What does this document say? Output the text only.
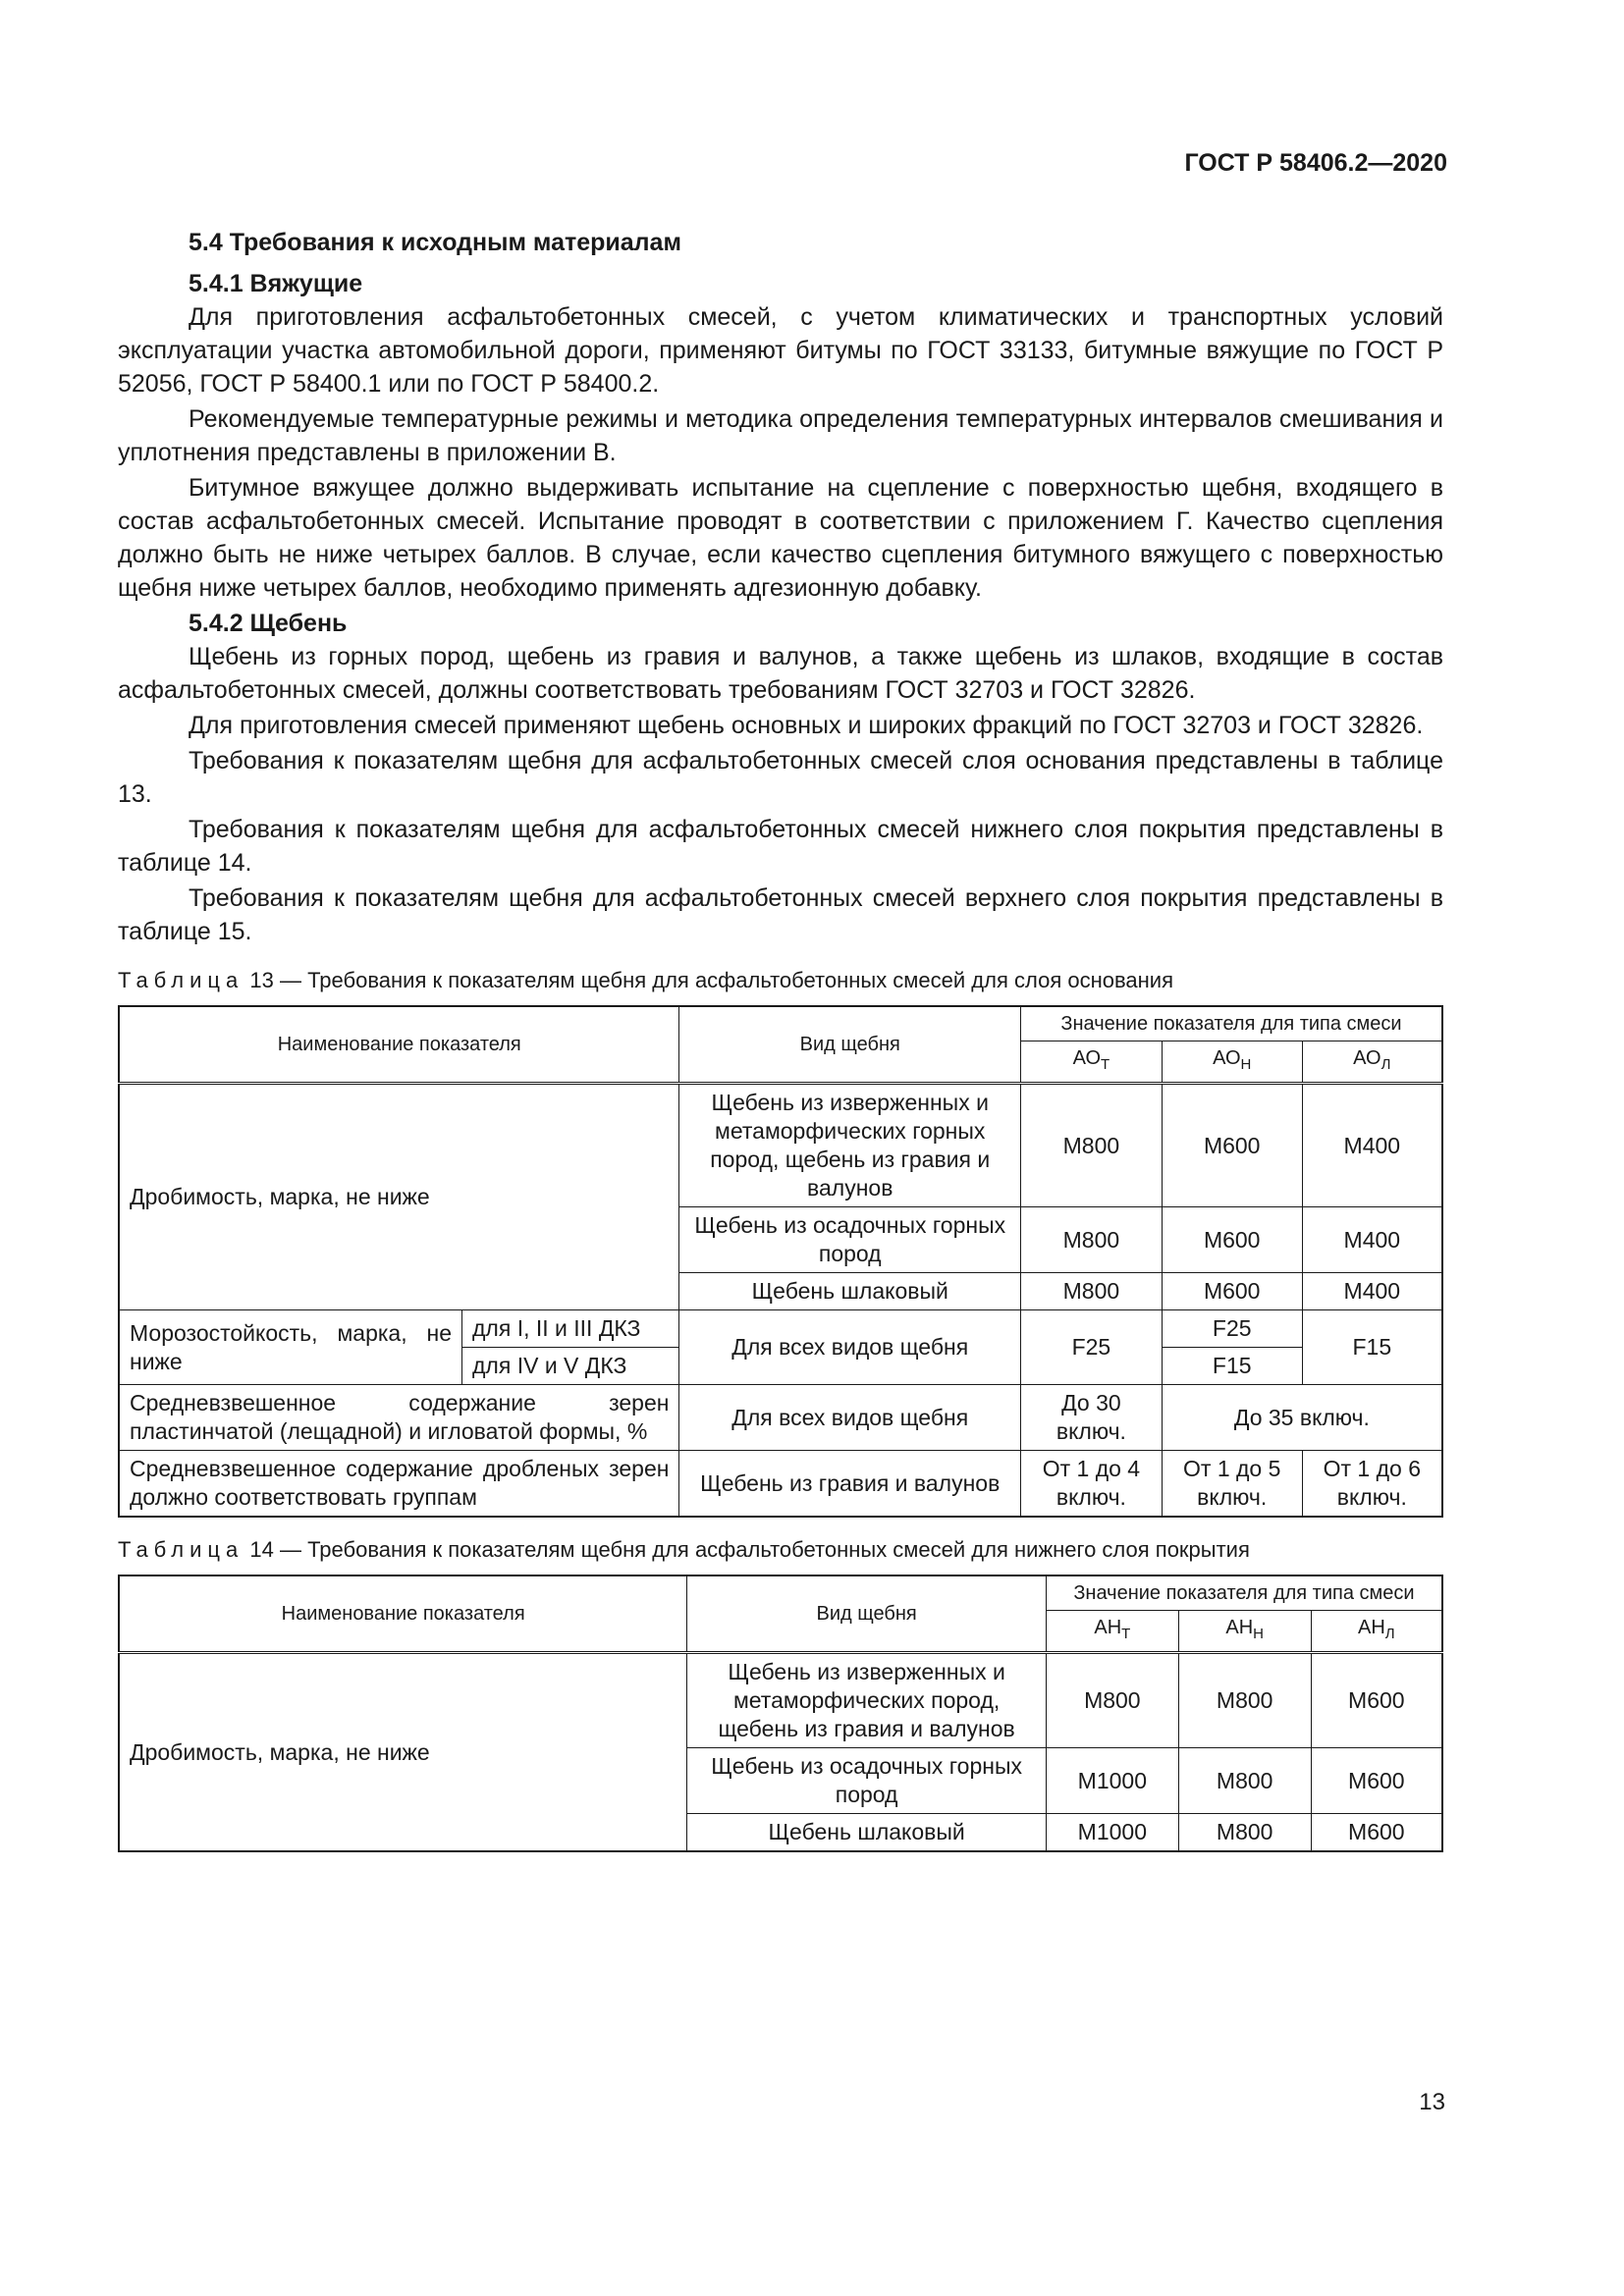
ГОСТ Р 58406.2—2020
5.4 Требования к исходным материалам
5.4.1 Вяжущие

Для приготовления асфальтобетонных смесей, с учетом климатических и транспортных условий эксплуатации участка автомобильной дороги, применяют битумы по ГОСТ 33133, битумные вяжущие по ГОСТ Р 52056, ГОСТ Р 58400.1 или по ГОСТ Р 58400.2.

Рекомендуемые температурные режимы и методика определения температурных интервалов смешивания и уплотнения представлены в приложении В.

Битумное вяжущее должно выдерживать испытание на сцепление с поверхностью щебня, входящего в состав асфальтобетонных смесей. Испытание проводят в соответствии с приложением Г. Качество сцепления должно быть не ниже четырех баллов. В случае, если качество сцепления битумного вяжущего с поверхностью щебня ниже четырех баллов, необходимо применять адгезионную добавку.

5.4.2 Щебень

Щебень из горных пород, щебень из гравия и валунов, а также щебень из шлаков, входящие в состав асфальтобетонных смесей, должны соответствовать требованиям ГОСТ 32703 и ГОСТ 32826.

Для приготовления смесей применяют щебень основных и широких фракций по ГОСТ 32703 и ГОСТ 32826.

Требования к показателям щебня для асфальтобетонных смесей слоя основания представлены в таблице 13.

Требования к показателям щебня для асфальтобетонных смесей нижнего слоя покрытия представлены в таблице 14.

Требования к показателям щебня для асфальтобетонных смесей верхнего слоя покрытия представлены в таблице 15.

Таблица 13 — Требования к показателям щебня для асфальтобетонных смесей для слоя основания
Наименование показателя		Вид щебня	Значение показателя для типа смеси		
			$АО_Т$	$АО_Н$	$АО_Л$
Дробимость, марка, не ниже		Щебень из изверженных и метаморфических горных пород, щебень из гравия и валунов	М800	М600	М400
		Щебень из осадочных горных пород	М800	М600	М400
		Щебень шлаковый	М800	М600	М400
Морозостойкость, марка, не ниже	для I, II и III ДКЗ	Для всех видов щебня	F25	F25	F15
	для IV и V ДКЗ			F15	
Средневзвешенное содержание зерен пластинчатой (лещадной) и игловатой формы, %		Для всех видов щебня	До 30 включ.	До 35 включ.	
Средневзвешенное содержание дробленых зерен должно соответствовать группам		Щебень из гравия и валунов	От 1 до 4 включ.	От 1 до 5 включ.	От 1 до 6 включ.
Таблица 14 — Требования к показателям щебня для асфальтобетонных смесей для нижнего слоя покрытия
Наименование показателя	Вид щебня	Значение показателя для типа смеси		
		$АН_Т$	$АН_Н$	$АН_Л$
Дробимость, марка, не ниже	Щебень из изверженных и метаморфических пород, щебень из гравия и валунов	М800	М800	М600
	Щебень из осадочных горных пород	М1000	М800	М600
	Щебень шлаковый	М1000	М800	М600
13
